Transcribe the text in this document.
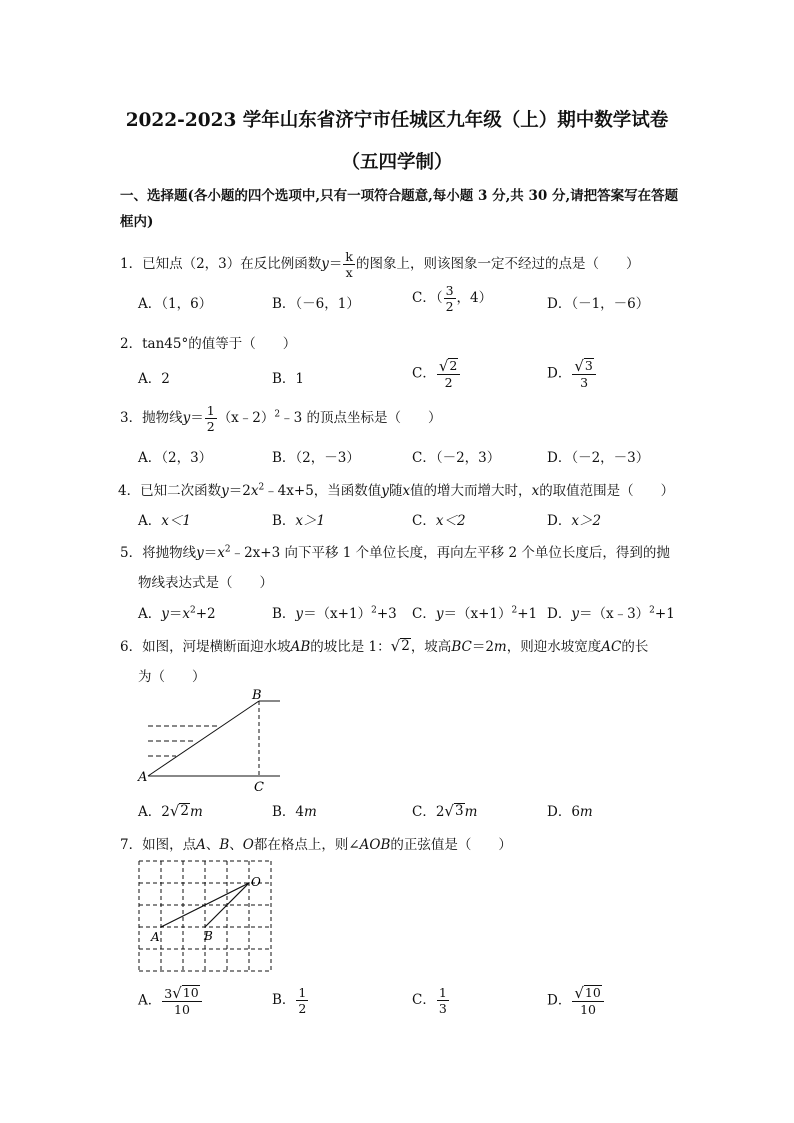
2022-2023 学年山东省济宁市任城区九年级（上）期中数学试卷
（五四学制）
一、选择题(各小题的四个选项中,只有一项符合题意,每小题 3 分,共 30 分,请把答案写在答题框内)
1．已知点（2，3）在反比例函数$y= \frac{k}{x}$ 的图象上，则该图象一定不经过的点是（　　）
A．（1，6）	B．（－6，1）	C．（ $\frac{3}{2}$ ，4）	D．（－1，－6）
2．tan45°的值等于（　　）
A．2	B．1	C． $\frac{√ 2}{2}$	D． $\frac{√ 3}{3}$
3．抛物线$y= \frac{1}{2}$ （x﹣2）$^2$﹣3 的顶点坐标是（　　）
A．（2，3）	B．（2，－3）	C．（－2，3）	D．（－2，－3）
4．已知二次函数$y=2x^2﹣4x+5$，当函数值y随x值的增大而增大时，x的取值范围是（　　）
A．x＜1	B．x＞1	C．x＜2	D．x＞2
5．将抛物线$y=x^2﹣2x+3$ 向下平移 1 个单位长度，再向左平移 2 个单位长度后，得到的抛
物线表达式是（　　）
A．$y=x^2+2$	B．$y=(x+1)^2+3$ C．$y=(x+1)^2+1$ D．y＝（x﹣3）$^2$+1
6．如图，河堤横断面迎水坡AB的坡比是 1： √ 2 ，坡高BC＝2m，则迎水坡宽度AC的长
为（　　）
A
B
C
A．2 √ 2 m	B．4m	C．2 √ 3 m	D．6m
7．如图，点A、B、O都在格点上，则∠AOB的正弦值是（　　）
O
A	B
A． $\frac{3 √ 10}{10}$	B． $\frac{1}{2}$	C． $\frac{1}{3}$	D． $\frac{√ 10}{10}$
